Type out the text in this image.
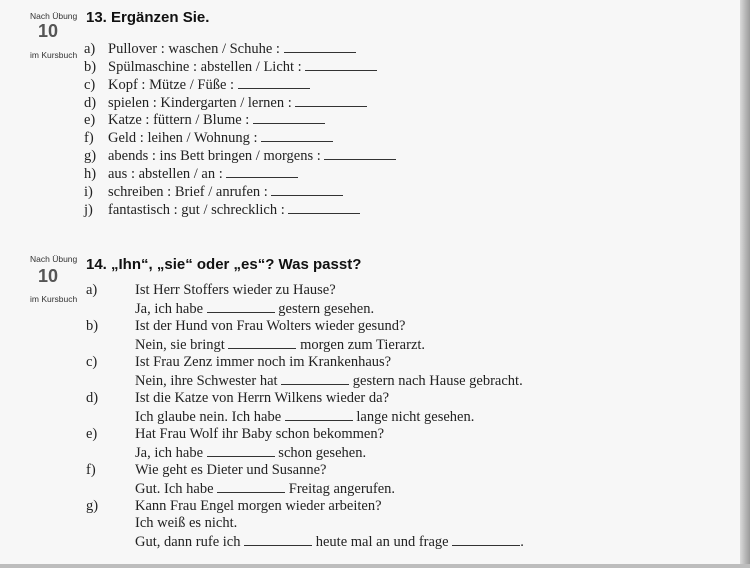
Nach Übung
10
im Kursbuch
13. Ergänzen Sie.
a) Pullover : waschen / Schuhe :
b) Spülmaschine : abstellen / Licht :
c) Kopf : Mütze / Füße :
d) spielen : Kindergarten / lernen :
e) Katze : füttern / Blume :
f) Geld : leihen / Wohnung :
g) abends : ins Bett bringen / morgens :
h) aus : abstellen / an :
i) schreiben : Brief / anrufen :
j) fantastisch : gut / schrecklich :
Nach Übung
10
im Kursbuch
14. „Ihn“, „sie“ oder „es“? Was passt?
a)	Ist Herr Stoffers wieder zu Hause?
Ja, ich habe	gestern gesehen.
b)	Ist der Hund von Frau Wolters wieder gesund?
Nein, sie bringt	morgen zum Tierarzt.
c)	Ist Frau Zenz immer noch im Krankenhaus?
Nein, ihre Schwester hat	gestern nach Hause gebracht.
d)	Ist die Katze von Herrn Wilkens wieder da?
Ich glaube nein. Ich habe	lange nicht gesehen.
e)	Hat Frau Wolf ihr Baby schon bekommen?
Ja, ich habe	schon gesehen.
f)	Wie geht es Dieter und Susanne?
Gut. Ich habe	Freitag angerufen.
g)	Kann Frau Engel morgen wieder arbeiten?
Ich weiß es nicht.
Gut, dann rufe ich	heute mal an und frage	.
